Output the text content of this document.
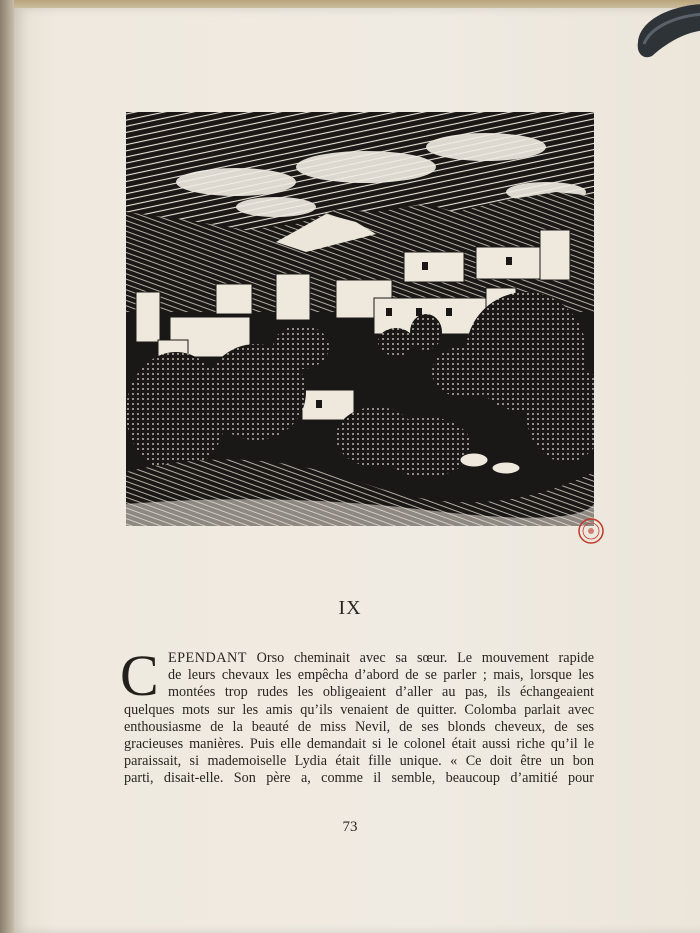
IX
C EPENDANT Orso cheminait avec sa sœur. Le mouvement rapide
de leurs chevaux les empêcha d’abord de se parler ; mais, lorsque les
montées trop rudes les obligeaient d’aller au pas, ils échangeaient
quelques mots sur les amis qu’ils venaient de quitter. Colomba parlait avec
enthousiasme de la beauté de miss Nevil, de ses blonds cheveux, de ses
gracieuses manières. Puis elle demandait si le colonel était aussi riche qu’il le
paraissait, si mademoiselle Lydia était fille unique. « Ce doit être un bon
parti, disait-elle. Son père a, comme il semble, beaucoup d’amitié pour
73
